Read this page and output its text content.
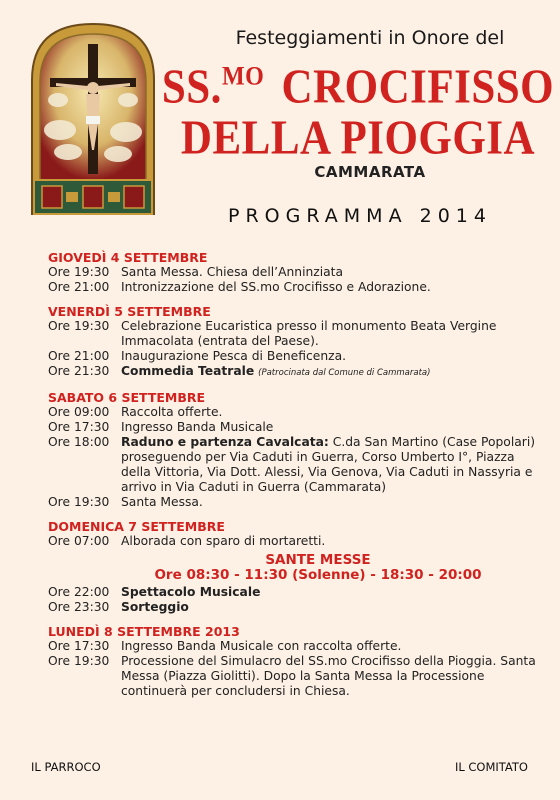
Festeggiamenti in Onore del
SS.$^{MO}$ CROCIFISSO
DELLA PIOGGIA
CAMMARATA
PROGRAMMA 2014
GIOVEDÌ 4 SETTEMBRE
Ore 19:30 Santa Messa. Chiesa dell’Anninziata
Ore 21:00 Intronizzazione del SS.mo Crocifisso e Adorazione.
VENERDÌ 5 SETTEMBRE
Ore 19:30 Celebrazione Eucaristica presso il monumento Beata Vergine Immacolata (entrata del Paese).
Ore 21:00 Inaugurazione Pesca di Beneficenza.
Ore 21:30 Commedia Teatrale (Patrocinata dal Comune di Cammarata)
SABATO 6 SETTEMBRE
Ore 09:00 Raccolta offerte.
Ore 17:30 Ingresso Banda Musicale
Ore 18:00 Raduno e partenza Cavalcata: C.da San Martino (Case Popolari) proseguendo per Via Caduti in Guerra, Corso Umberto I°, Piazza della Vittoria, Via Dott. Alessi, Via Genova, Via Caduti in Nassyria e arrivo in Via Caduti in Guerra (Cammarata)
Ore 19:30 Santa Messa.
DOMENICA 7 SETTEMBRE
Ore 07:00 Alborada con sparo di mortaretti.
SANTE MESSE
Ore 08:30 - 11:30 (Solenne) - 18:30 - 20:00
Ore 22:00 Spettacolo Musicale
Ore 23:30 Sorteggio
LUNEDÌ 8 SETTEMBRE 2013
Ore 17:30 Ingresso Banda Musicale con raccolta offerte.
Ore 19:30 Processione del Simulacro del SS.mo Crocifisso della Pioggia. Santa Messa (Piazza Giolitti). Dopo la Santa Messa la Processione continuerà per concludersi in Chiesa.
IL PARROCO	IL COMITATO
